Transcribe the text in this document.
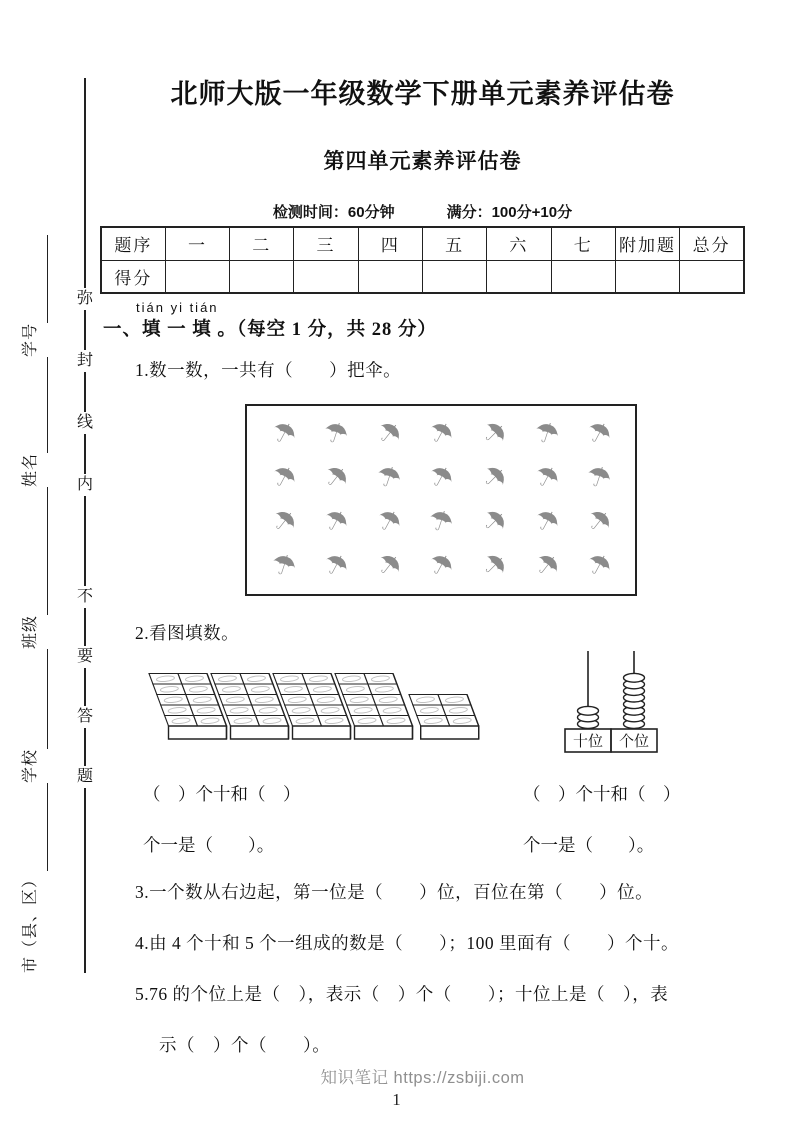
弥
封
线
内
不
要
答
题
市（县、区）
学校
班级
姓名
学号
北师大版一年级数学下册单元素养评估卷
第四单元素养评估卷
检测时间：60分钟	满分：100分+10分
题序	一	二	三	四	五	六	七	附加题	总分
得分									
tián yi tián
一、填 一 填 。（每空 1 分，共 28 分）
1.数一数，一共有（　　）把伞。
☂ ☂ ☂ ☂ ☂ ☂ ☂
☂ ☂ ☂ ☂ ☂ ☂ ☂
☂ ☂ ☂ ☂ ☂ ☂ ☂
☂ ☂ ☂ ☂ ☂ ☂ ☂
2.看图填数。
十位 个位
（　）个十和（　）	（　）个十和（　）
个一是（　　）。	个一是（　　）。
3.一个数从右边起，第一位是（　　）位，百位在第（　　）位。
4.由 4 个十和 5 个一组成的数是（　　）；100 里面有（　　）个十。
5.76 的个位上是（　），表示（　）个（　　）；十位上是（　），表
示（　）个（　　）。
知识笔记 https://zsbiji.com
1
